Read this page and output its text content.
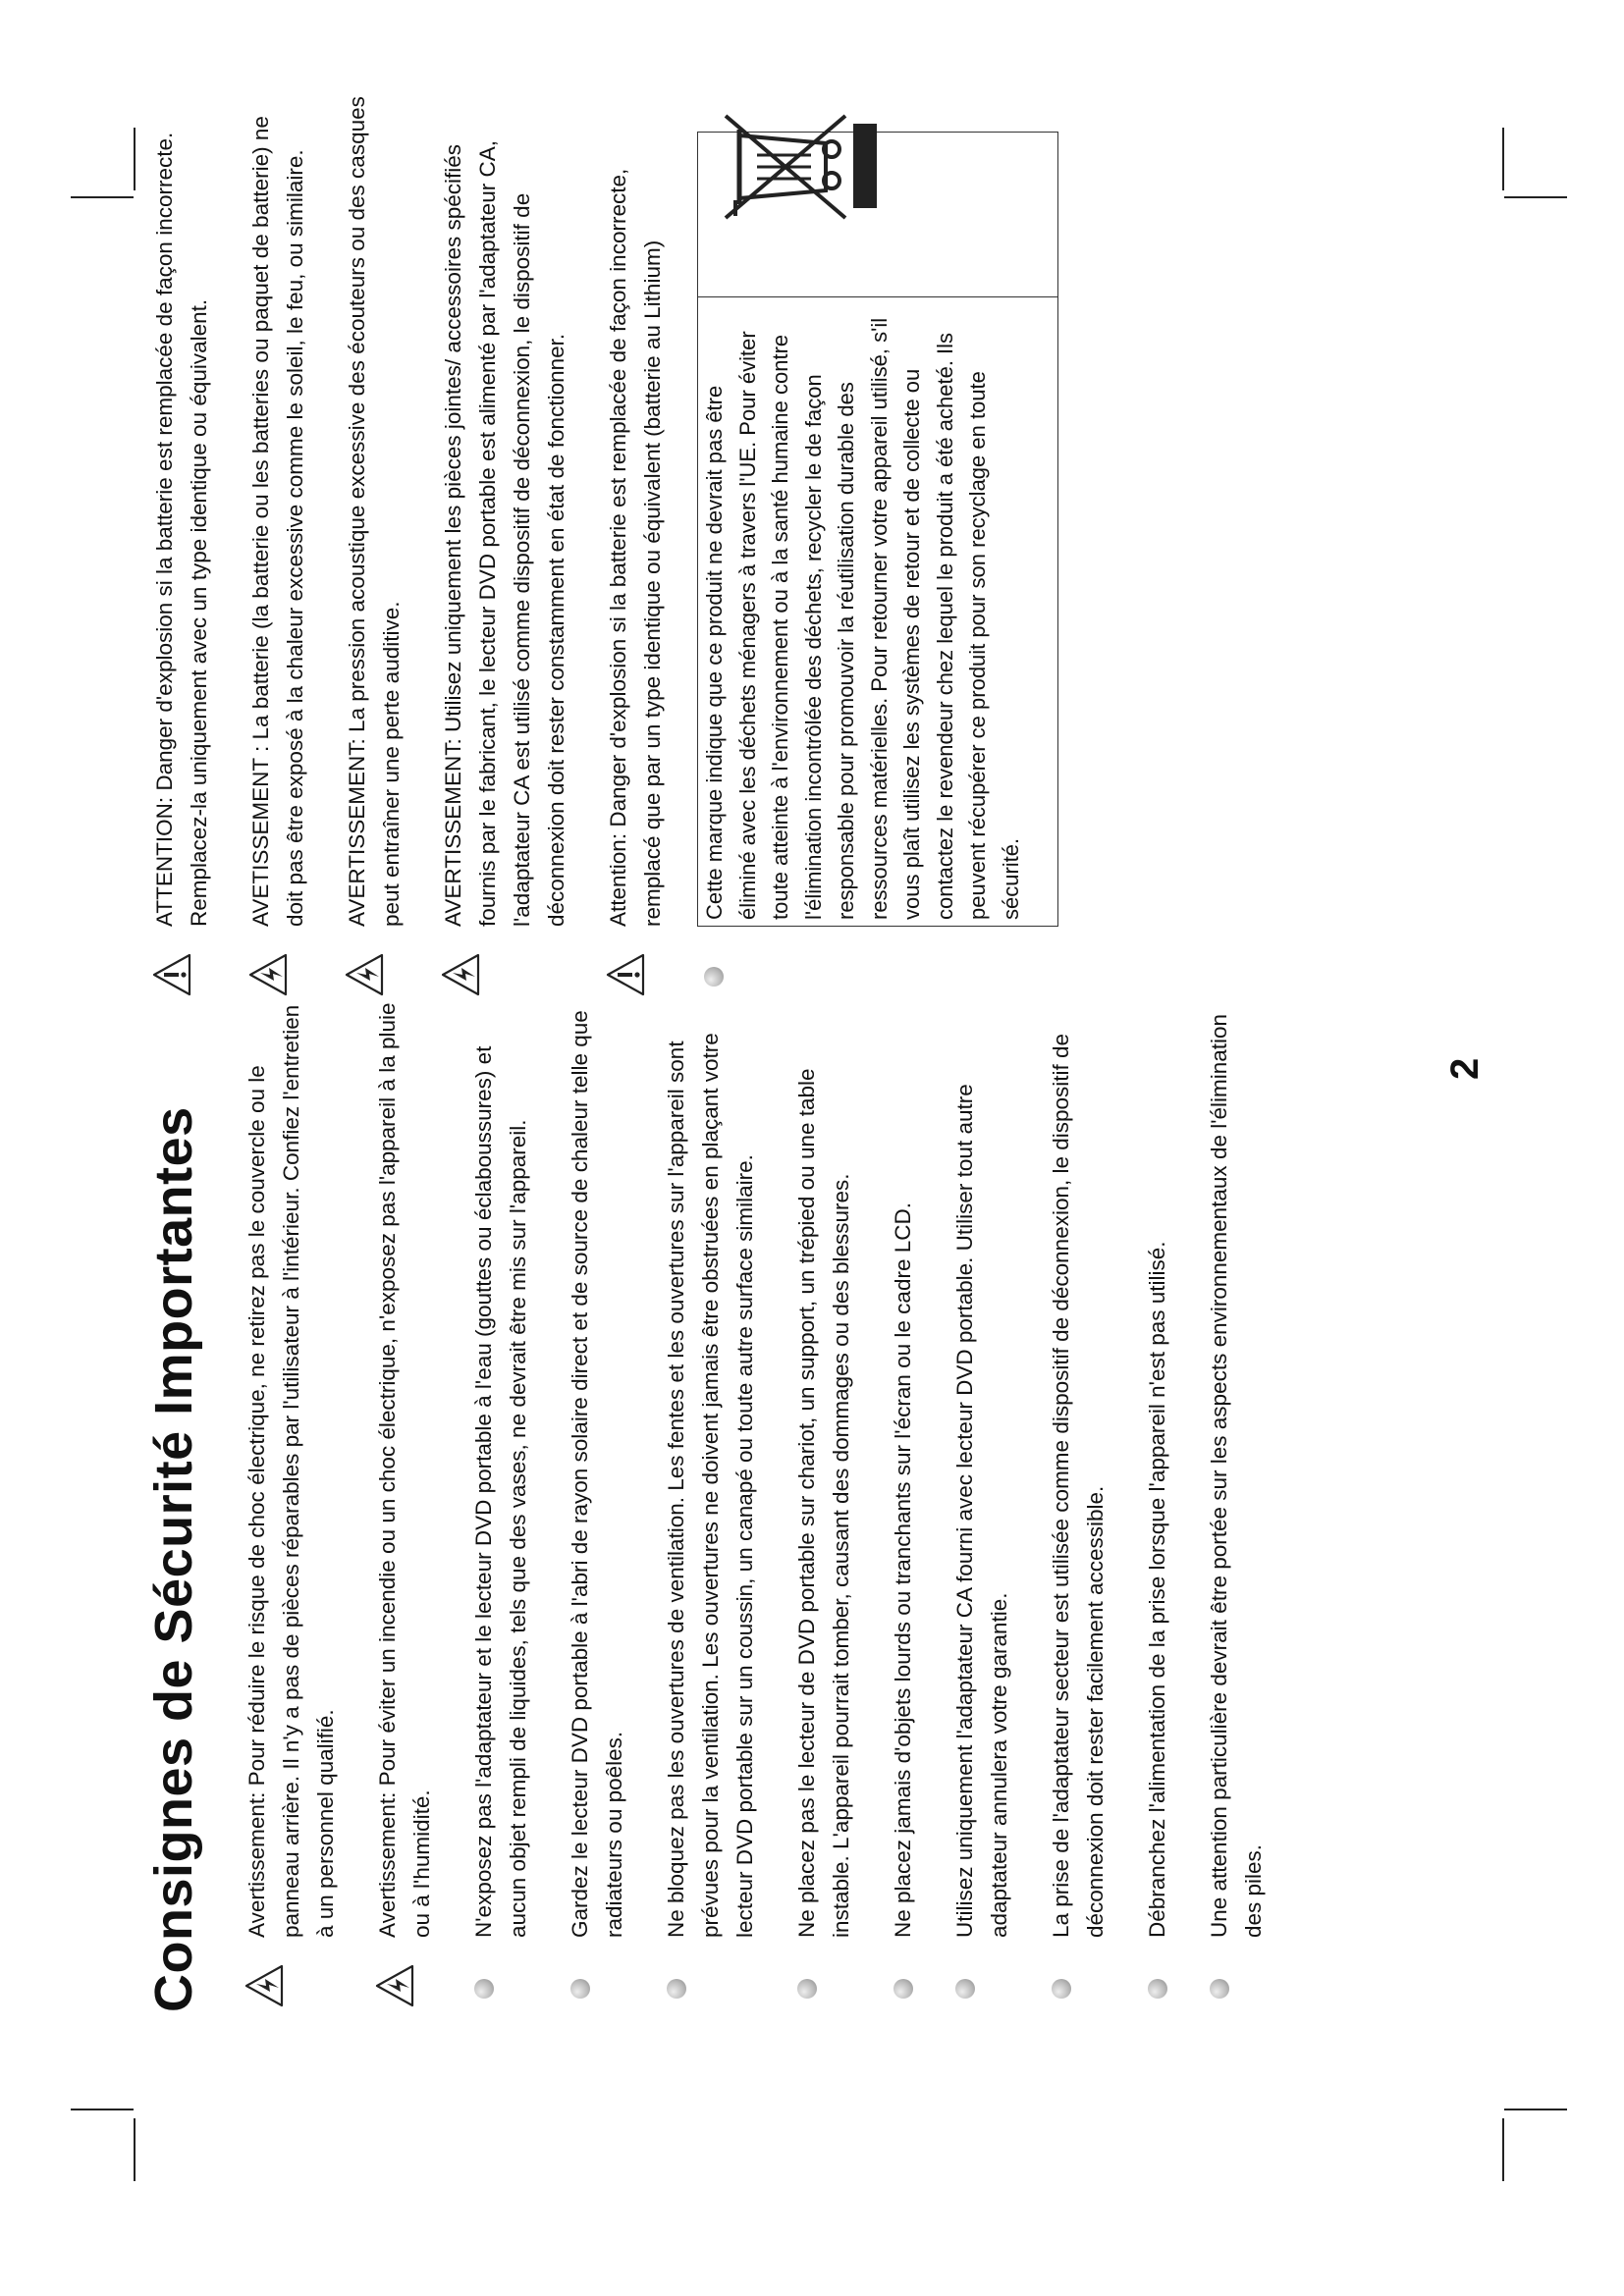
Consignes de Sécurité Importantes Avertissement: Pour réduire le risque de choc électrique, ne retirez pas le couvercle ou le panneau arrière. Il n'y a pas de pièces réparables par l'utilisateur à l'intérieur. Confiez l'entretien à un personnel qualifié. Avertissement: Pour éviter un incendie ou un choc électrique, n'exposez pas l'appareil à la pluie ou à l'humidité. N'exposez pas l'adaptateur et le lecteur DVD portable à l'eau (gouttes ou éclaboussures) et aucun objet rempli de liquides, tels que des vases, ne devrait être mis sur l'appareil. Gardez le lecteur DVD portable à l'abri de rayon solaire direct et de source de chaleur telle que radiateurs ou poêles. Ne bloquez pas les ouvertures de ventilation. Les fentes et les ouvertures sur l'appareil sont prévues pour la ventilation. Les ouvertures ne doivent jamais être obstruées en plaçant votre lecteur DVD portable sur un coussin, un canapé ou toute autre surface similaire. Ne placez pas le lecteur de DVD portable sur chariot, un support, un trépied ou une table instable. L'appareil pourrait tomber, causant des dommages ou des blessures. Ne placez jamais d'objets lourds ou tranchants sur l'écran ou le cadre LCD. Utilisez uniquement l'adaptateur CA fourni avec lecteur DVD portable. Utiliser tout autre adaptateur annulera votre garantie. La prise de l'adaptateur secteur est utilisée comme dispositif de déconnexion, le dispositif de déconnexion doit rester facilement accessible. Débranchez l'alimentation de la prise lorsque l'appareil n'est pas utilisé. Une attention particulière devrait être portée sur les aspects environnementaux de l'élimination des piles.

ATTENTION: Danger d'explosion si la batterie est remplacée de façon incorrecte. Remplacez-la uniquement avec un type identique ou équivalent. AVETISSEMENT : La batterie (la batterie ou les batteries ou paquet de batterie) ne doit pas être exposé à la chaleur excessive comme le soleil, le feu, ou similaire. AVERTISSEMENT: La pression acoustique excessive des écouteurs ou des casques peut entraîner une perte auditive. AVERTISSEMENT: Utilisez uniquement les pièces jointes/ accessoires spécifiés fournis par le fabricant, le lecteur DVD portable est alimenté par l'adaptateur CA, l'adaptateur CA est utilisé comme dispositif de déconnexion, le dispositif de déconnexion doit rester constamment en état de fonctionner. Attention: Danger d'explosion si la batterie est remplacée de façon incorrecte, remplacé que par un type identique ou équivalent (batterie au Lithium) Cette marque indique que ce produit ne devrait pas être éliminé avec les déchets ménagers à travers l'UE. Pour éviter toute atteinte à l'environnement ou à la santé humaine contre l'élimination incontrôlée des déchets, recycler le de façon responsable pour promouvoir la réutilisation durable des ressources matérielles. Pour retourner votre appareil utilisé, s'il vous plaît utilisez les systèmes de retour et de collecte ou contactez le revendeur chez lequel le produit a été acheté. Ils peuvent récupérer ce produit pour son recyclage en toute sécurité.
2
